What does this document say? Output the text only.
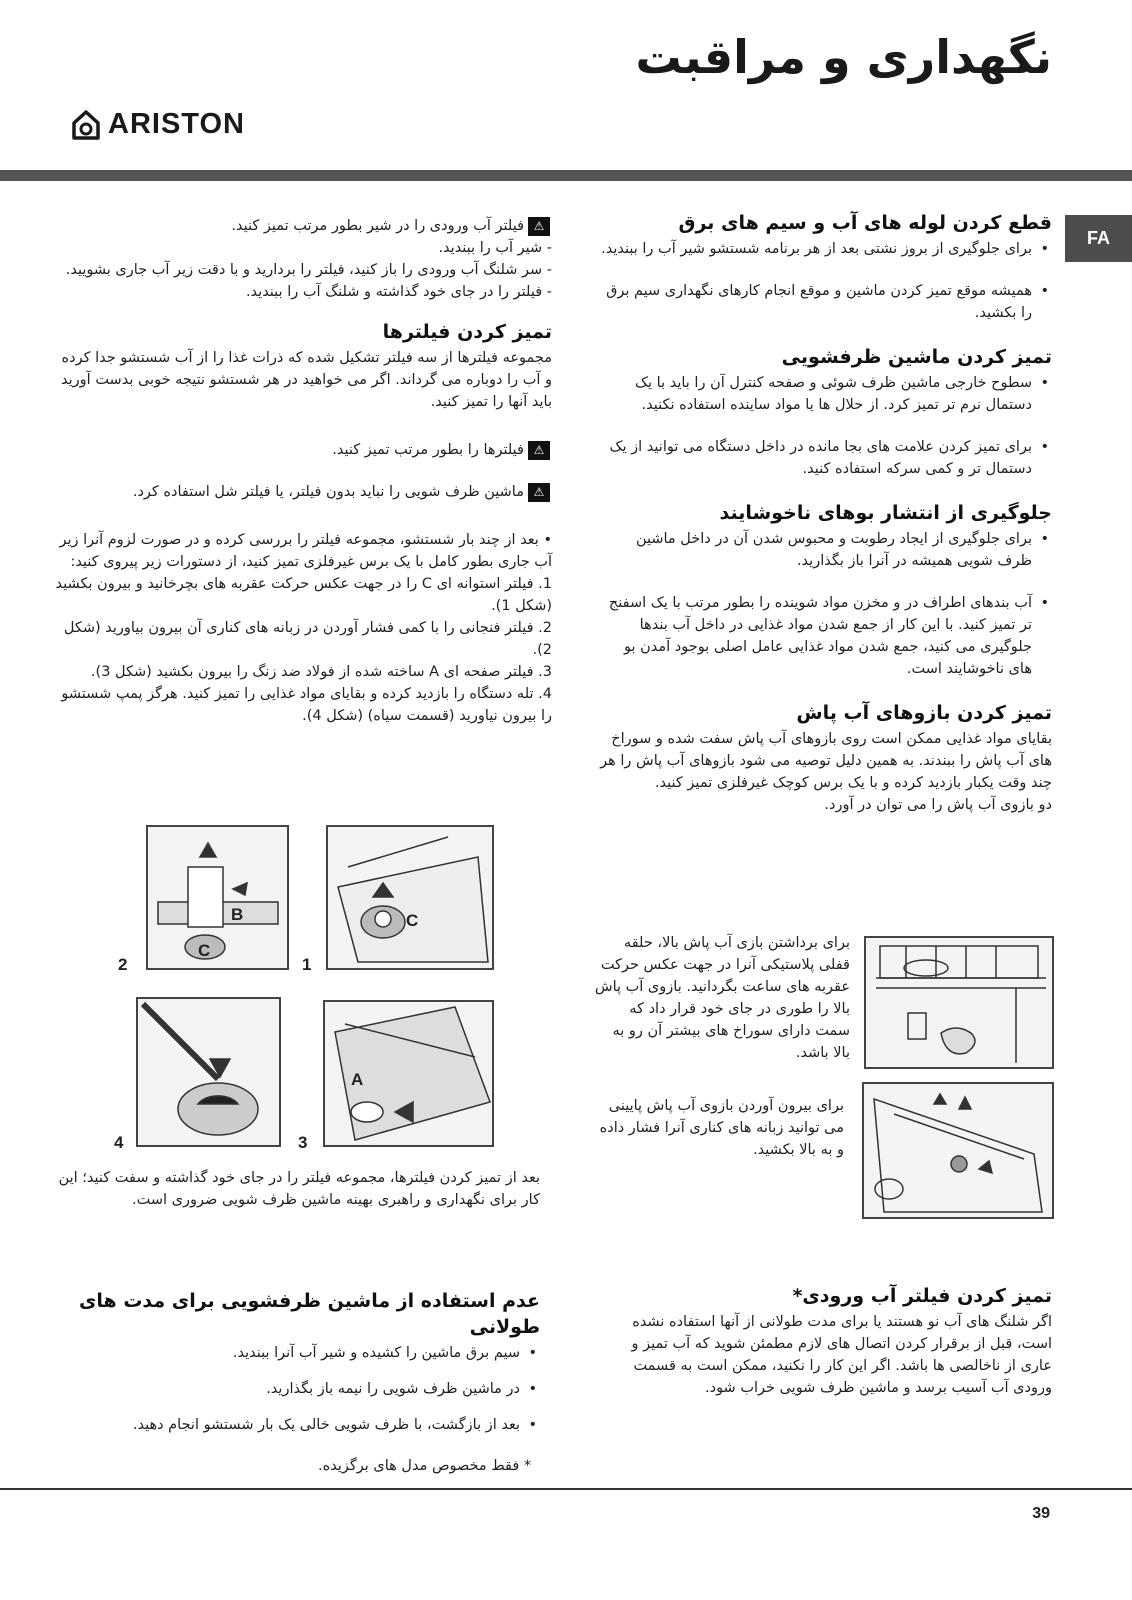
نگهداری و مراقبت
ARISTON
FA
قطع کردن لوله های آب و سیم های برق
• برای جلوگیری از بروز نشتی بعد از هر برنامه شستشو شیر آب را ببندید.
• همیشه موقع تمیز کردن ماشین و موقع انجام کارهای نگهداری سیم برق را بکشید.
تمیز کردن ماشین ظرفشویی
• سطوح خارجی ماشین ظرف شوئی و صفحه کنترل آن را باید با یک دستمال نرم تر تمیز کرد. از حلال ها یا مواد ساینده استفاده نکنید.
• برای تمیز کردن علامت های بجا مانده در داخل دستگاه می توانید از یک دستمال تر و کمی سرکه استفاده کنید.
جلوگیری از انتشار بوهای ناخوشایند
• برای جلوگیری از ایجاد رطوبت و محبوس شدن آن در داخل ماشین ظرف شویی همیشه در آنرا باز بگذارید.
• آب بندهای اطراف در و مخزن مواد شوینده را بطور مرتب با یک اسفنج تر تمیز کنید. با این کار از جمع شدن مواد غذایی در داخل آب بندها جلوگیری می کنید، جمع شدن مواد غذایی عامل اصلی بوجود آمدن بو های ناخوشایند است.
تمیز کردن بازوهای آب پاش

بقایای مواد غذایی ممکن است روی بازوهای آب پاش سفت شده و سوراخ های آب پاش را ببندند. به همین دلیل توصیه می شود بازوهای آب پاش را هر چند وقت یکبار بازدید کرده و با یک برس کوچک غیرفلزی تمیز کنید.

دو بازوی آب پاش را می توان در آورد.

برای برداشتن بازی آب پاش بالا، حلقه قفلی پلاستیکی آنرا در جهت عکس حرکت عقربه های ساعت بگردانید. بازوی آب پاش بالا را طوری در جای خود قرار داد که سمت دارای سوراخ های بیشتر آن رو به بالا باشد.
برای بیرون آوردن بازوی آب پاش پایینی می توانید زبانه های کناری آنرا فشار داده و به بالا بکشید.
تمیز کردن فیلتر آب ورودی*

اگر شلنگ های آب نو هستند یا برای مدت طولانی از آنها استفاده نشده است، قبل از برقرار کردن اتصال های لازم مطمئن شوید که آب تمیز و عاری از ناخالصی ها باشد. اگر این کار را نکنید، ممکن است به قسمت ورودی آب آسیب برسد و ماشین ظرف شویی خراب شود.

⚠
فیلتر آب ورودی را در شیر بطور مرتب تمیز کنید.

- شیر آب را ببندید.

- سر شلنگ آب ورودی را باز کنید، فیلتر را بردارید و با دقت زیر آب جاری بشویید.

- فیلتر را در جای خود گذاشته و شلنگ آب را ببندید.

تمیز کردن فیلترها

مجموعه فیلترها از سه فیلتر تشکیل شده که ذرات غذا را از آب شستشو جدا کرده و آب را دوباره می گرداند. اگر می خواهید در هر شستشو نتیجه خوبی بدست آورید باید آنها را تمیز کنید.

⚠
فیلترها را بطور مرتب تمیز کنید.
⚠
ماشین ظرف شویی را نباید بدون فیلتر، یا فیلتر شل استفاده کرد.

• بعد از چند بار شستشو، مجموعه فیلتر را بررسی کرده و در صورت لزوم آنرا زیر آب جاری بطور کامل با یک برس غیرفلزی تمیز کنید، از دستورات زیر پیروی کنید:

1. فیلتر استوانه ای C را در جهت عکس حرکت عقربه های بچرخانید و بیرون بکشید (شکل 1).

2. فیلتر فنجانی را با کمی فشار آوردن در زبانه های کناری آن بیرون بیاورید (شکل 2).

3. فیلتر صفحه ای A ساخته شده از فولاد ضد زنگ را بیرون بکشید (شکل 3).

4. تله دستگاه را بازدید کرده و بقایای مواد غذایی را تمیز کنید. هرگز پمپ شستشو را بیرون نیاورید (قسمت سیاه) (شکل 4).

C
1
B
C
2
A
3
4
بعد از تمیز کردن فیلترها، مجموعه فیلتر را در جای خود گذاشته و سفت کنید؛ این کار برای نگهداری و راهبری بهینه ماشین ظرف شویی ضروری است.
عدم استفاده از ماشین ظرفشویی برای مدت های طولانی
• سیم برق ماشین را کشیده و شیر آب آنرا ببندید.
• در ماشین ظرف شویی را نیمه باز بگذارید.
• بعد از بازگشت، با ظرف شویی خالی یک بار شستشو انجام دهید.
* فقط مخصوص مدل های برگزیده.
39
